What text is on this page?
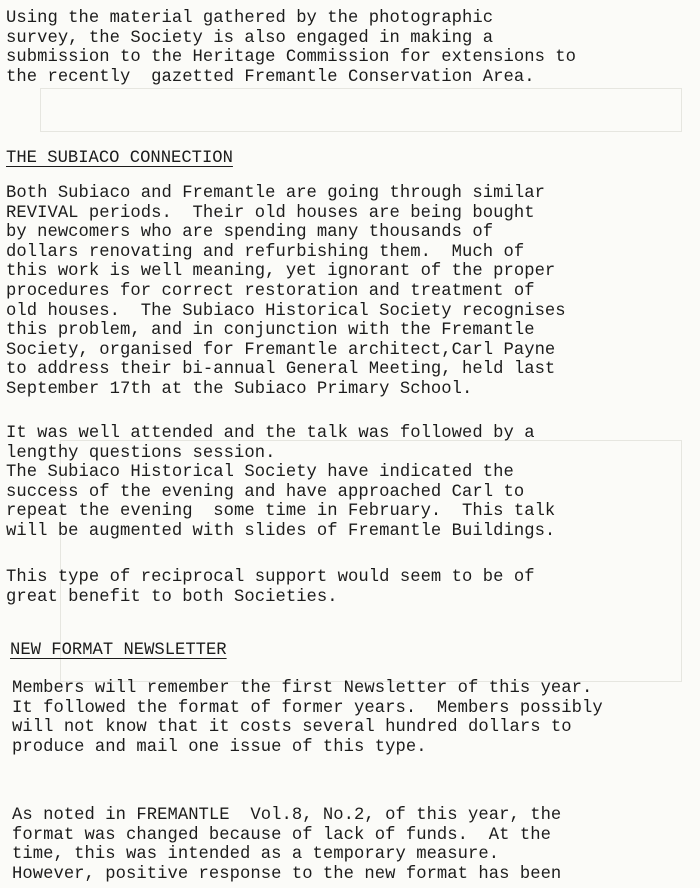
Using the material gathered by the photographic
survey, the Society is also engaged in making a
submission to the Heritage Commission for extensions to
the recently  gazetted Fremantle Conservation Area.
THE SUBIACO CONNECTION
Both Subiaco and Fremantle are going through similar
REVIVAL periods.  Their old houses are being bought
by newcomers who are spending many thousands of
dollars renovating and refurbishing them.  Much of
this work is well meaning, yet ignorant of the proper
procedures for correct restoration and treatment of
old houses.  The Subiaco Historical Society recognises
this problem, and in conjunction with the Fremantle
Society, organised for Fremantle architect,Carl Payne
to address their bi-annual General Meeting, held last
September 17th at the Subiaco Primary School.
It was well attended and the talk was followed by a
lengthy questions session.
The Subiaco Historical Society have indicated the
success of the evening and have approached Carl to
repeat the evening  some time in February.  This talk
will be augmented with slides of Fremantle Buildings.
This type of reciprocal support would seem to be of
great benefit to both Societies.
NEW FORMAT NEWSLETTER
Members will remember the first Newsletter of this year.
It followed the format of former years.  Members possibly
will not know that it costs several hundred dollars to
produce and mail one issue of this type.
As noted in FREMANTLE  Vol.8, No.2, of this year, the
format was changed because of lack of funds.  At the
time, this was intended as a temporary measure.
However, positive response to the new format has been
